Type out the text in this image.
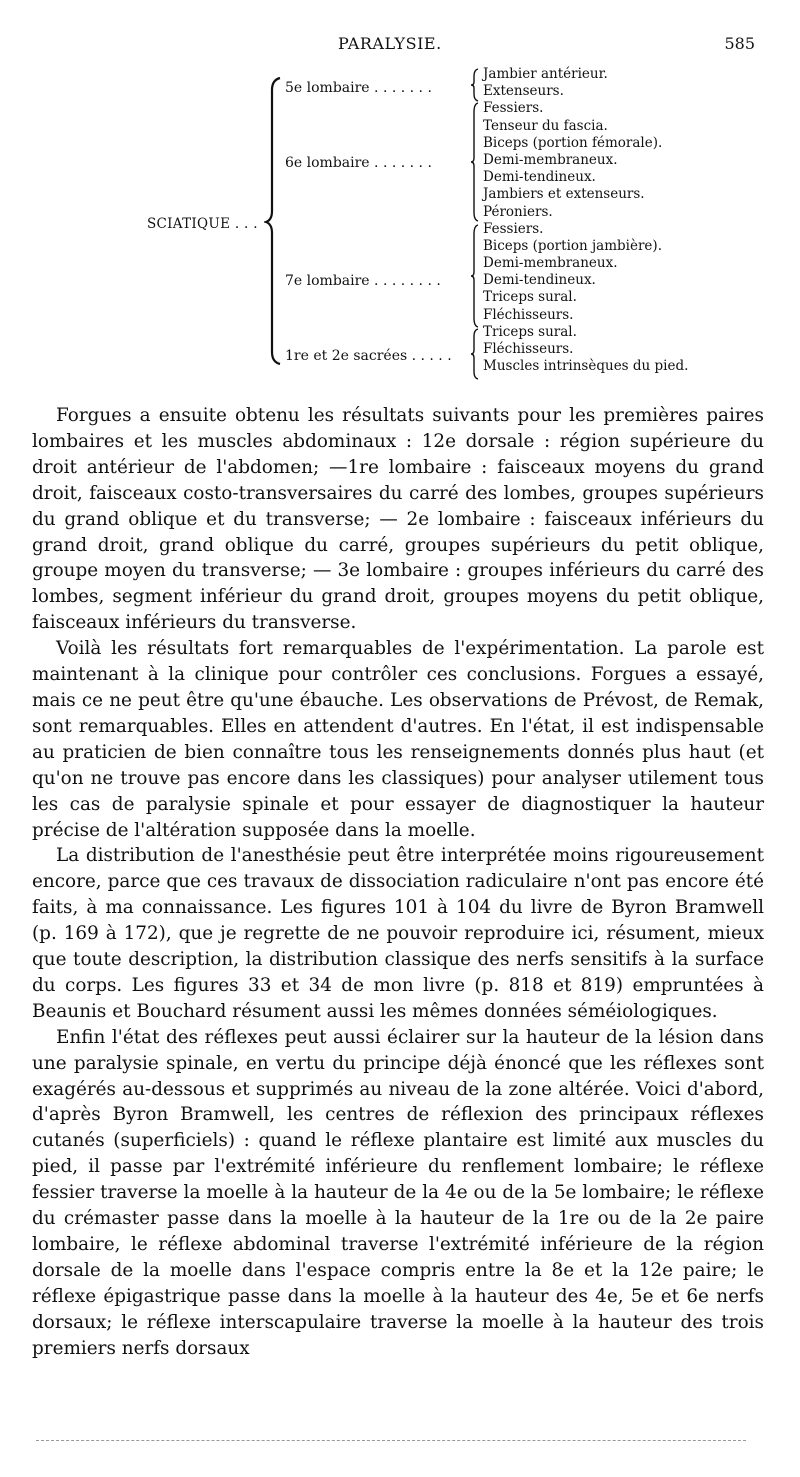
PARALYSIE.	585
SCIATIQUE . . .
5e lombaire . . . . . . .
6e lombaire . . . . . . .
7e lombaire . . . . . . . .
1re et 2e sacrées . . . . .
Jambier antérieur.
Extenseurs.
Fessiers.
Tenseur du fascia.
Biceps (portion fémorale).
Demi-membraneux.
Demi-tendineux.
Jambiers et extenseurs.
Péroniers.
Fessiers.
Biceps (portion jambière).
Demi-membraneux.
Demi-tendineux.
Triceps sural.
Fléchisseurs.
Triceps sural.
Fléchisseurs.
Muscles intrinsèques du pied.

Forgues a ensuite obtenu les résultats suivants pour les premières paires lombaires et les muscles abdominaux : 12e dorsale : région supérieure du droit antérieur de l'abdomen; —1re lombaire : faisceaux moyens du grand droit, faisceaux costo-transversaires du carré des lombes, groupes supérieurs du grand oblique et du transverse; — 2e lombaire : faisceaux inférieurs du grand droit, grand oblique du carré, groupes supérieurs du petit oblique, groupe moyen du transverse; — 3e lombaire : groupes inférieurs du carré des lombes, segment inférieur du grand droit, groupes moyens du petit oblique, faisceaux inférieurs du transverse.

Voilà les résultats fort remarquables de l'expérimentation. La parole est maintenant à la clinique pour contrôler ces conclusions. Forgues a essayé, mais ce ne peut être qu'une ébauche. Les observations de Prévost, de Remak, sont remarquables. Elles en attendent d'autres. En l'état, il est indispensable au praticien de bien connaître tous les renseignements donnés plus haut (et qu'on ne trouve pas encore dans les classiques) pour analyser utilement tous les cas de paralysie spinale et pour essayer de diagnostiquer la hauteur précise de l'altération supposée dans la moelle.

La distribution de l'anesthésie peut être interprétée moins rigoureusement encore, parce que ces travaux de dissociation radiculaire n'ont pas encore été faits, à ma connaissance. Les figures 101 à 104 du livre de Byron Bramwell (p. 169 à 172), que je regrette de ne pouvoir reproduire ici, résument, mieux que toute description, la distribution classique des nerfs sensitifs à la surface du corps. Les figures 33 et 34 de mon livre (p. 818 et 819) empruntées à Beaunis et Bouchard résument aussi les mêmes données séméiologiques.

Enfin l'état des réflexes peut aussi éclairer sur la hauteur de la lésion dans une paralysie spinale, en vertu du principe déjà énoncé que les réflexes sont exagérés au-dessous et supprimés au niveau de la zone altérée. Voici d'abord, d'après Byron Bramwell, les centres de réflexion des principaux réflexes cutanés (superficiels) : quand le réflexe plantaire est limité aux muscles du pied, il passe par l'extrémité inférieure du renflement lombaire; le réflexe fessier traverse la moelle à la hauteur de la 4e ou de la 5e lombaire; le réflexe du crémaster passe dans la moelle à la hauteur de la 1re ou de la 2e paire lombaire, le réflexe abdominal traverse l'extrémité inférieure de la région dorsale de la moelle dans l'espace compris entre la 8e et la 12e paire; le réflexe épigastrique passe dans la moelle à la hauteur des 4e, 5e et 6e nerfs dorsaux; le réflexe interscapulaire traverse la moelle à la hauteur des trois premiers nerfs dorsaux
